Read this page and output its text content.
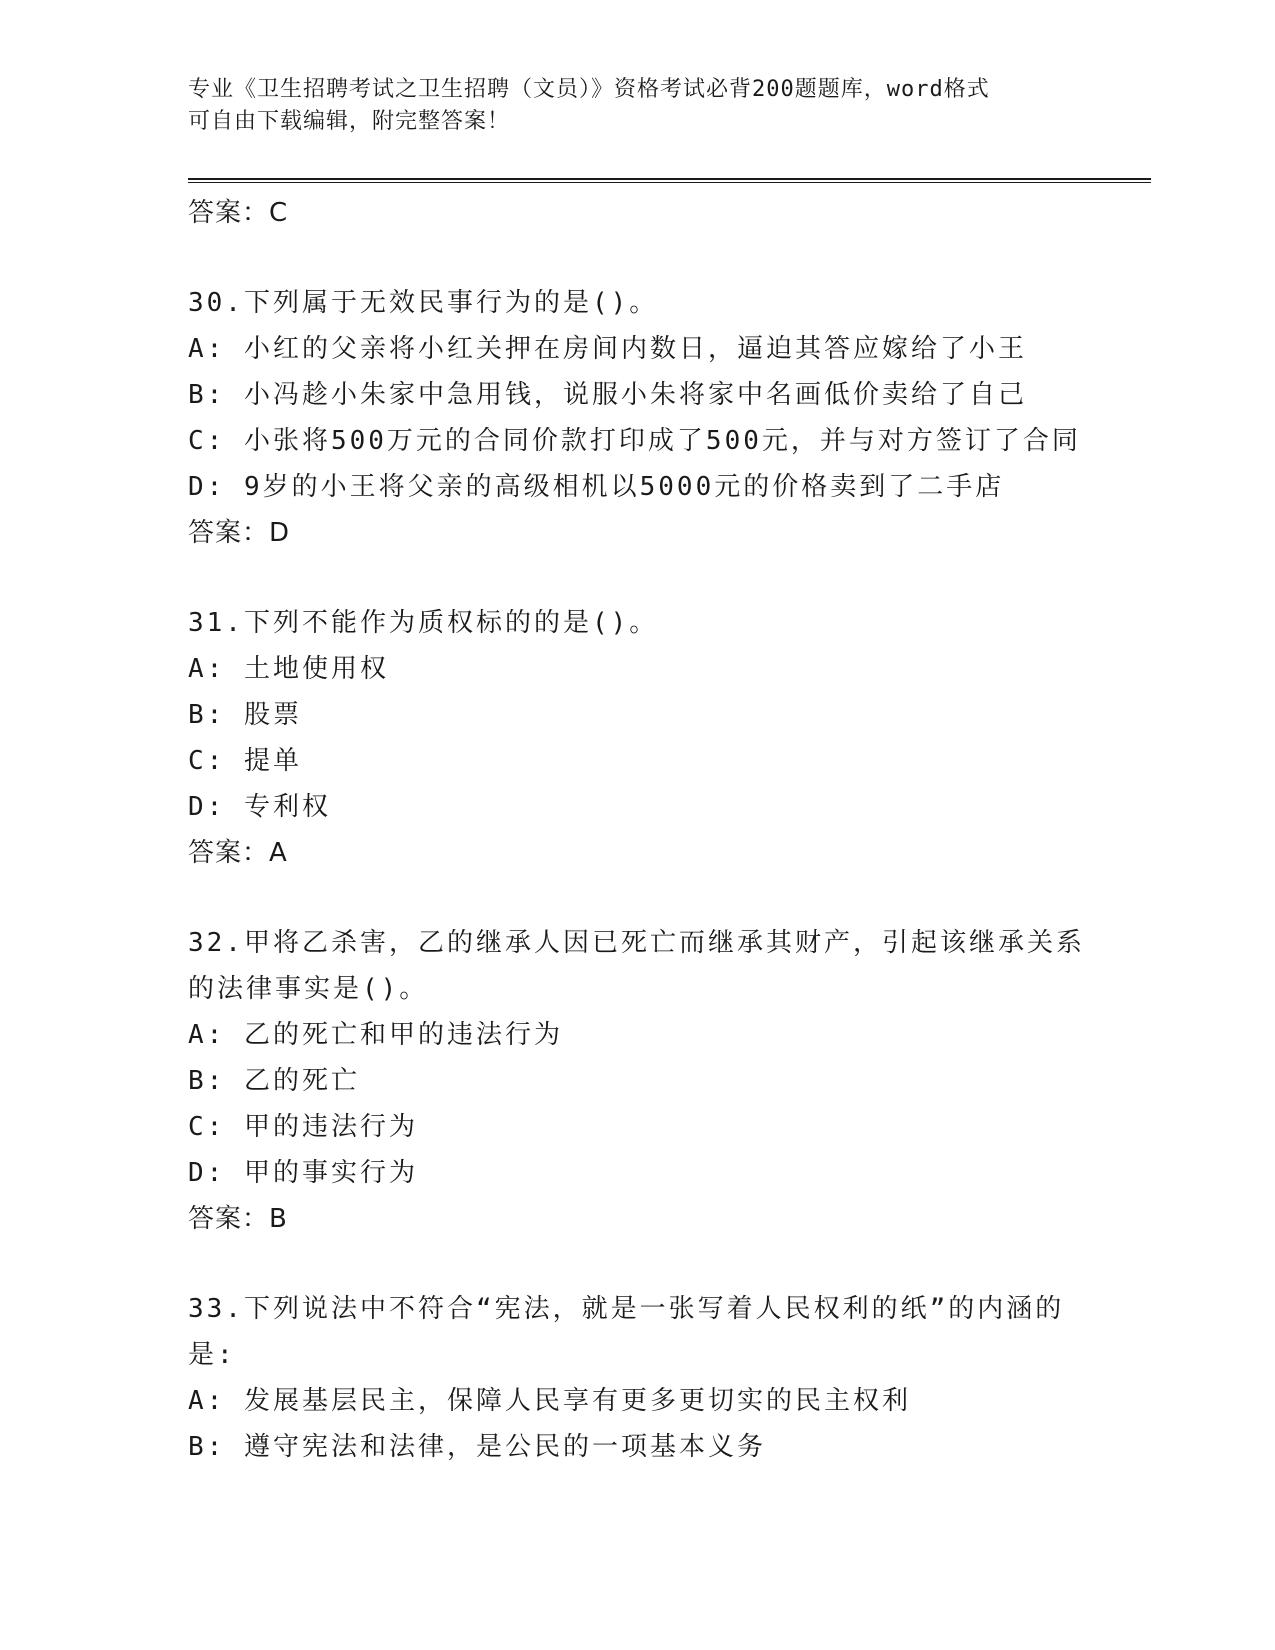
专业《卫生招聘考试之卫生招聘（文员）》资格考试必背200题题库，word格式
可自由下载编辑，附完整答案！
答案：C
30.下列属于无效民事行为的是()。
A: 小红的父亲将小红关押在房间内数日，逼迫其答应嫁给了小王
B: 小冯趁小朱家中急用钱，说服小朱将家中名画低价卖给了自己
C: 小张将500万元的合同价款打印成了500元，并与对方签订了合同
D: 9岁的小王将父亲的高级相机以5000元的价格卖到了二手店
答案：D
31.下列不能作为质权标的的是()。
A: 土地使用权
B: 股票
C: 提单
D: 专利权
答案：A
32.甲将乙杀害，乙的继承人因已死亡而继承其财产，引起该继承关系
的法律事实是()。
A: 乙的死亡和甲的违法行为
B: 乙的死亡
C: 甲的违法行为
D: 甲的事实行为
答案：B
33.下列说法中不符合“宪法，就是一张写着人民权利的纸”的内涵的
是:
A: 发展基层民主，保障人民享有更多更切实的民主权利
B: 遵守宪法和法律，是公民的一项基本义务
